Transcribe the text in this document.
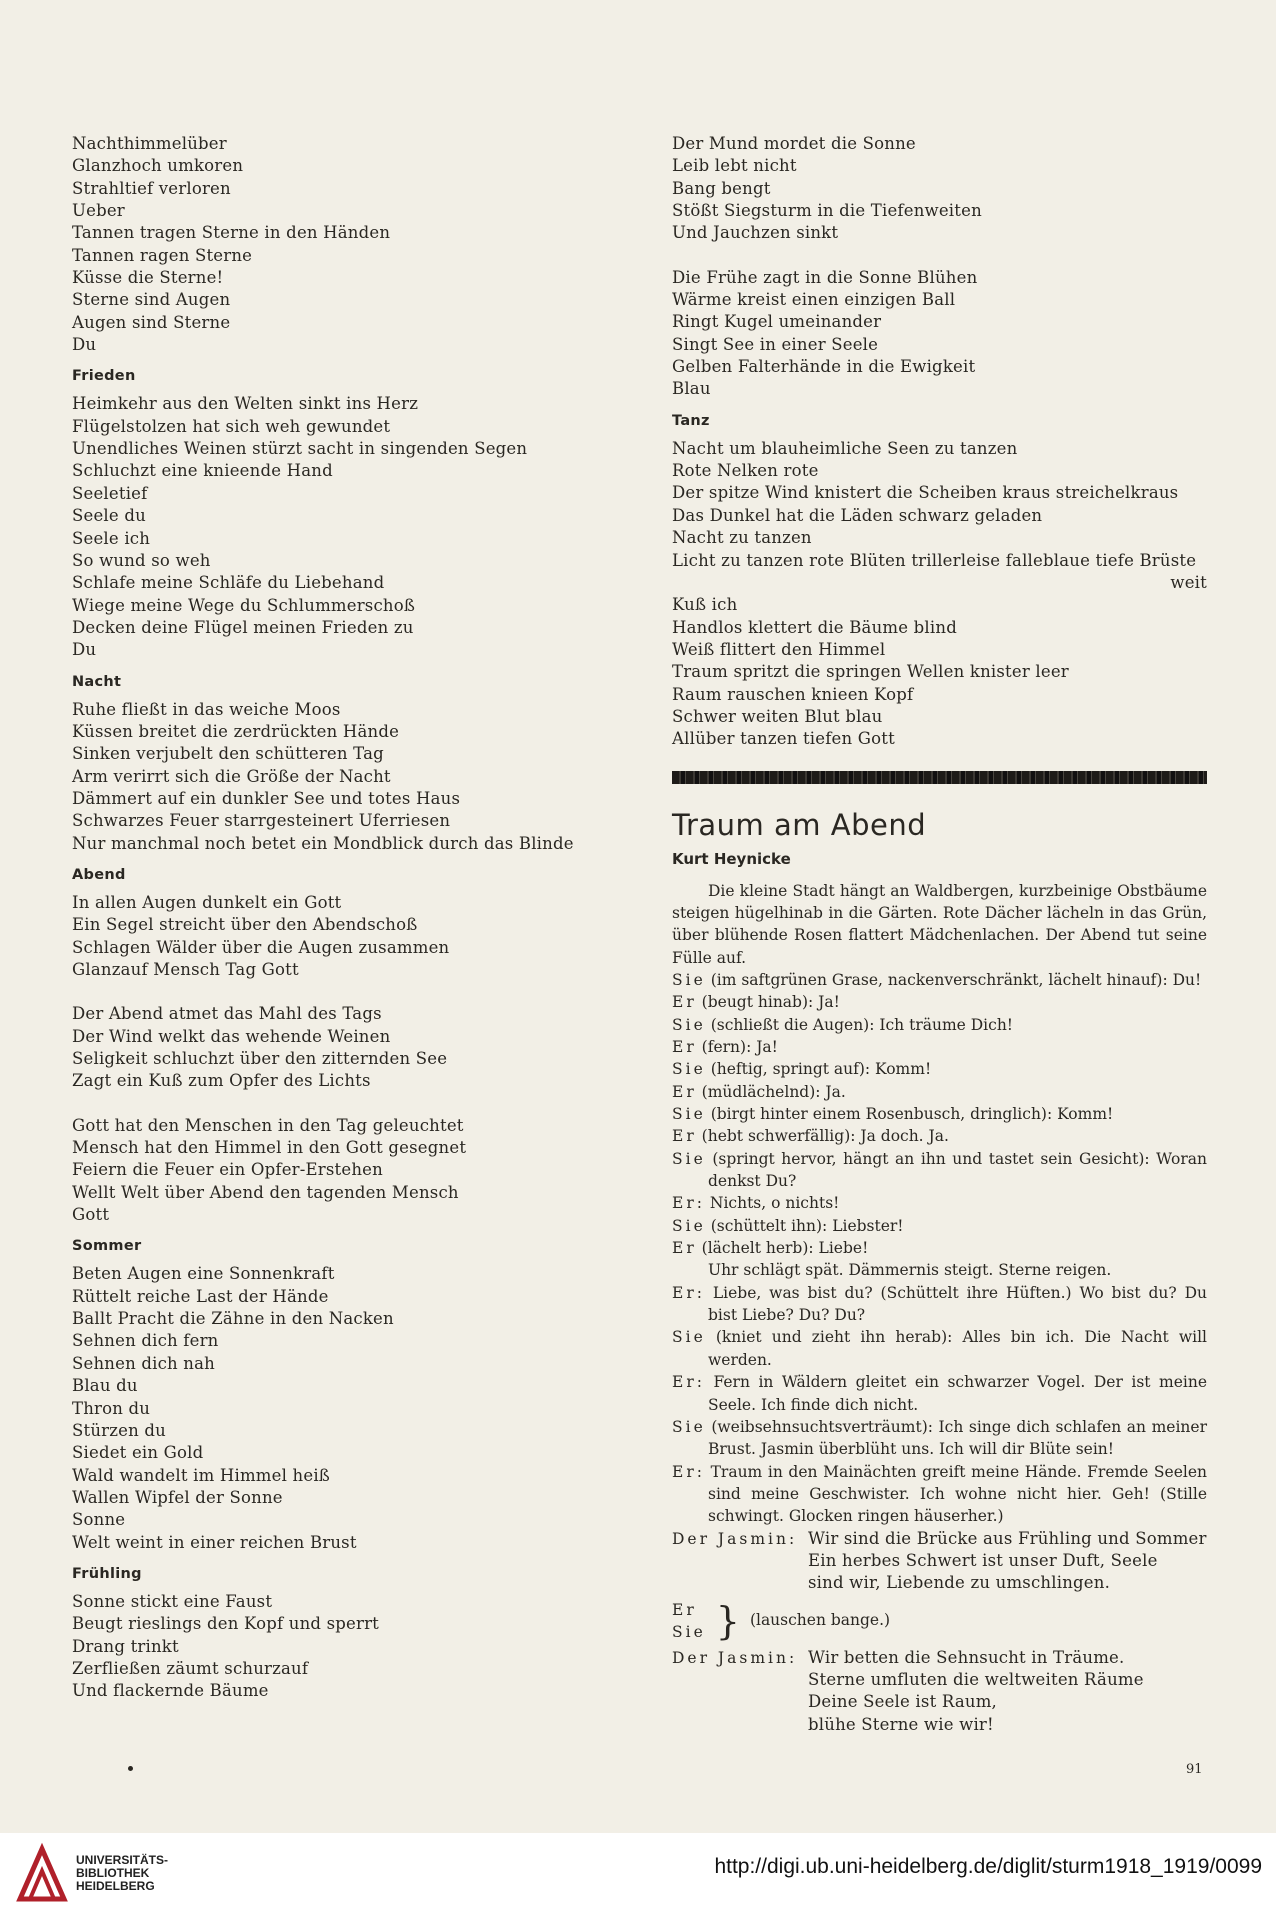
Nachthimmelüber
Glanzhoch umkoren
Strahltief verloren
Ueber
Tannen tragen Sterne in den Händen
Tannen ragen Sterne
Küsse die Sterne!
Sterne sind Augen
Augen sind Sterne
Du
Frieden
Heimkehr aus den Welten sinkt ins Herz
Flügelstolzen hat sich weh gewundet
Unendliches Weinen stürzt sacht in singenden Segen
Schluchzt eine knieende Hand
Seeletief
Seele du
Seele ich
So wund so weh
Schlafe meine Schläfe du Liebehand
Wiege meine Wege du Schlummerschoß
Decken deine Flügel meinen Frieden zu
Du
Nacht
Ruhe fließt in das weiche Moos
Küssen breitet die zerdrückten Hände
Sinken verjubelt den schütteren Tag
Arm verirrt sich die Größe der Nacht
Dämmert auf ein dunkler See und totes Haus
Schwarzes Feuer starrgesteinert Uferriesen
Nur manchmal noch betet ein Mondblick durch das Blinde
Abend
In allen Augen dunkelt ein Gott
Ein Segel streicht über den Abendschoß
Schlagen Wälder über die Augen zusammen
Glanzauf Mensch Tag Gott
Der Abend atmet das Mahl des Tags
Der Wind welkt das wehende Weinen
Seligkeit schluchzt über den zitternden See
Zagt ein Kuß zum Opfer des Lichts
Gott hat den Menschen in den Tag geleuchtet
Mensch hat den Himmel in den Gott gesegnet
Feiern die Feuer ein Opfer-Erstehen
Wellt Welt über Abend den tagenden Mensch
Gott
Sommer
Beten Augen eine Sonnenkraft
Rüttelt reiche Last der Hände
Ballt Pracht die Zähne in den Nacken
Sehnen dich fern
Sehnen dich nah
Blau du
Thron du
Stürzen du
Siedet ein Gold
Wald wandelt im Himmel heiß
Wallen Wipfel der Sonne
Sonne
Welt weint in einer reichen Brust
Frühling
Sonne stickt eine Faust
Beugt rieslings den Kopf und sperrt
Drang trinkt
Zerfließen zäumt schurzauf
Und flackernde Bäume
Der Mund mordet die Sonne
Leib lebt nicht
Bang bengt
Stößt Siegsturm in die Tiefenweiten
Und Jauchzen sinkt
Die Frühe zagt in die Sonne Blühen
Wärme kreist einen einzigen Ball
Ringt Kugel umeinander
Singt See in einer Seele
Gelben Falterhände in die Ewigkeit
Blau
Tanz
Nacht um blauheimliche Seen zu tanzen
Rote Nelken rote
Der spitze Wind knistert die Scheiben kraus streichelkraus
Das Dunkel hat die Läden schwarz geladen
Nacht zu tanzen
Licht zu tanzen rote Blüten trillerleise falleblaue tiefe Brüste
weit
Kuß ich
Handlos klettert die Bäume blind
Weiß flittert den Himmel
Traum spritzt die springen Wellen knister leer
Raum rauschen knieen Kopf
Schwer weiten Blut blau
Allüber tanzen tiefen Gott
Traum am Abend
Kurt Heynicke
Die kleine Stadt hängt an Waldbergen, kurzbeinige Obstbäume steigen hügelhinab in die Gärten. Rote Dächer lächeln in das Grün, über blühende Rosen flattert Mädchenlachen. Der Abend tut seine Fülle auf.
Sie (im saftgrünen Grase, nackenverschränkt, lächelt hinauf): Du!
Er (beugt hinab): Ja!
Sie (schließt die Augen): Ich träume Dich!
Er (fern): Ja!
Sie (heftig, springt auf): Komm!
Er (müdlächelnd): Ja.
Sie (birgt hinter einem Rosenbusch, dringlich): Komm!
Er (hebt schwerfällig): Ja doch. Ja.
Sie (springt hervor, hängt an ihn und tastet sein Gesicht): Woran denkst Du?
Er: Nichts, o nichts!
Sie (schüttelt ihn): Liebster!
Er (lächelt herb): Liebe!
Uhr schlägt spät. Dämmernis steigt. Sterne reigen.
Er: Liebe, was bist du? (Schüttelt ihre Hüften.) Wo bist du? Du bist Liebe? Du? Du?
Sie (kniet und zieht ihn herab): Alles bin ich. Die Nacht will werden.
Er: Fern in Wäldern gleitet ein schwarzer Vogel. Der ist meine Seele. Ich finde dich nicht.
Sie (weibsehnsuchtsverträumt): Ich singe dich schlafen an meiner Brust. Jasmin überblüht uns. Ich will dir Blüte sein!
Er: Traum in den Mainächten greift meine Hände. Fremde Seelen sind meine Geschwister. Ich wohne nicht hier. Geh! (Stille schwingt. Glocken ringen häuserher.)
Der Jasmin: Wir sind die Brücke aus Frühling und Sommer
Ein herbes Schwert ist unser Duft, Seele
sind wir, Liebende zu umschlingen.
Er
Sie } (lauschen bange.)
Der Jasmin: Wir betten die Sehnsucht in Träume.
Sterne umfluten die weltweiten Räume
Deine Seele ist Raum,
blühe Sterne wie wir!
91
UNIVERSITÄTS-
BIBLIOTHEK
HEIDELBERG
http://digi.ub.uni-heidelberg.de/diglit/sturm1918_1919/0099
